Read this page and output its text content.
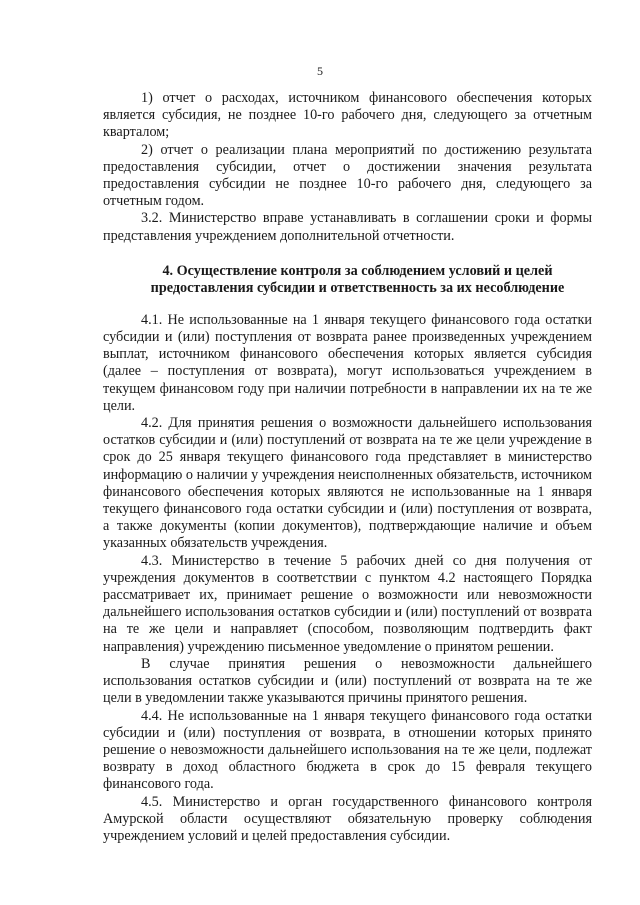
5

1) отчет о расходах, источником финансового обеспечения которых является субсидия, не позднее 10-го рабочего дня, следующего за отчетным кварталом;

2) отчет о реализации плана мероприятий по достижению результата предоставления субсидии, отчет о достижении значения результата предоставления субсидии не позднее 10-го рабочего дня, следующего за отчетным годом.

3.2. Министерство вправе устанавливать в соглашении сроки и формы представления учреждением дополнительной отчетности.

4. Осуществление контроля за соблюдением условий и целей
предоставления субсидии и ответственность за их несоблюдение

4.1. Не использованные на 1 января текущего финансового года остатки субсидии и (или) поступления от возврата ранее произведенных учреждением выплат, источником финансового обеспечения которых является субсидия (далее – поступления от возврата), могут использоваться учреждением в текущем финансовом году при наличии потребности в направлении их на те же цели.

4.2. Для принятия решения о возможности дальнейшего использования остатков субсидии и (или) поступлений от возврата на те же цели учреждение в срок до 25 января текущего финансового года представляет в министерство информацию о наличии у учреждения неисполненных обязательств, источником финансового обеспечения которых являются не использованные на 1 января текущего финансового года остатки субсидии и (или) поступления от возврата, а также документы (копии документов), подтверждающие наличие и объем указанных обязательств учреждения.

4.3. Министерство в течение 5 рабочих дней со дня получения от учреждения документов в соответствии с пунктом 4.2 настоящего Порядка рассматривает их, принимает решение о возможности или невозможности дальнейшего использования остатков субсидии и (или) поступлений от возврата на те же цели и направляет (способом, позволяющим подтвердить факт направления) учреждению письменное уведомление о принятом решении.

В случае принятия решения о невозможности дальнейшего использования остатков субсидии и (или) поступлений от возврата на те же цели в уведомлении также указываются причины принятого решения.

4.4. Не использованные на 1 января текущего финансового года остатки субсидии и (или) поступления от возврата, в отношении которых принято решение о невозможности дальнейшего использования на те же цели, подлежат возврату в доход областного бюджета в срок до 15 февраля текущего финансового года.

4.5. Министерство и орган государственного финансового контроля Амурской области осуществляют обязательную проверку соблюдения учреждением условий и целей предоставления субсидии.
